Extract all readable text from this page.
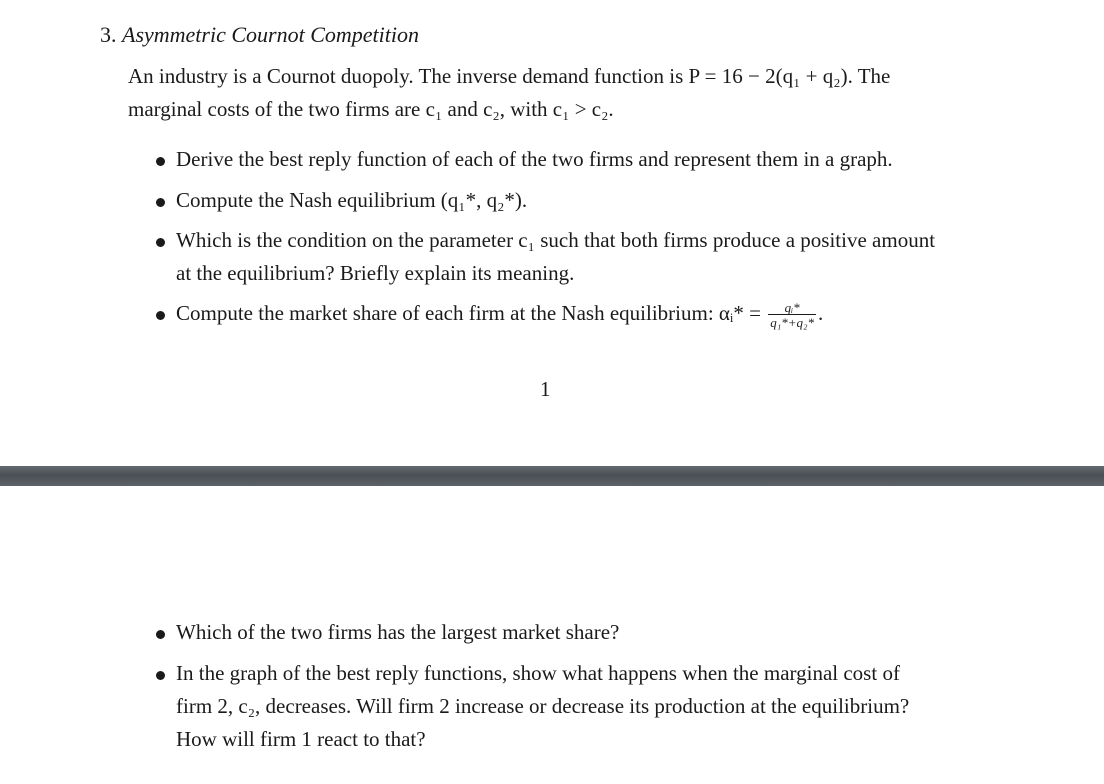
3. Asymmetric Cournot Competition
An industry is a Cournot duopoly. The inverse demand function is P = 16 − 2(q₁ + q₂). The
marginal costs of the two firms are c₁ and c₂, with c₁ > c₂.
Derive the best reply function of each of the two firms and represent them in a graph.
Compute the Nash equilibrium (q₁*, q₂*).
Which is the condition on the parameter c₁ such that both firms produce a positive amount
at the equilibrium? Briefly explain its meaning.
Compute the market share of each firm at the Nash equilibrium: αᵢ* = $\frac{\text{qᵢ*}}{\text{q₁*+q₂*}}$ .
1
Which of the two firms has the largest market share?
In the graph of the best reply functions, show what happens when the marginal cost of
firm 2, c₂, decreases. Will firm 2 increase or decrease its production at the equilibrium?
How will firm 1 react to that?
